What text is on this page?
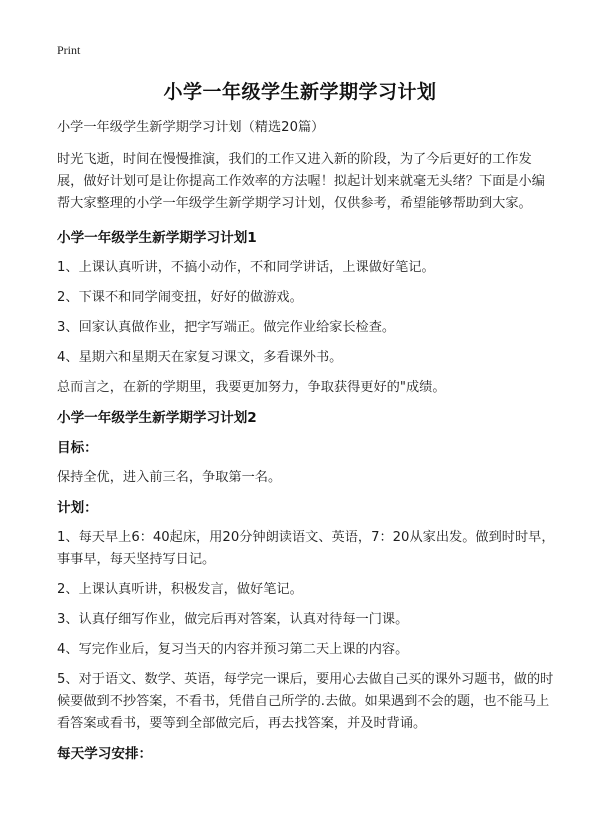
Print
小学一年级学生新学期学习计划

小学一年级学生新学期学习计划（精选20篇）

时光飞逝，时间在慢慢推演，我们的工作又进入新的阶段，为了今后更好的工作发展，做好计划可是让你提高工作效率的方法喔！拟起计划来就毫无头绪？下面是小编帮大家整理的小学一年级学生新学期学习计划，仅供参考，希望能够帮助到大家。

小学一年级学生新学期学习计划1

1、上课认真听讲，不搞小动作，不和同学讲话，上课做好笔记。

2、下课不和同学闹变扭，好好的做游戏。

3、回家认真做作业，把字写端正。做完作业给家长检查。

4、星期六和星期天在家复习课文，多看课外书。

总而言之，在新的学期里，我要更加努力，争取获得更好的"成绩。

小学一年级学生新学期学习计划2

目标：

保持全优，进入前三名，争取第一名。

计划：

1、每天早上6：40起床，用20分钟朗读语文、英语，7：20从家出发。做到时时早，事事早，每天坚持写日记。

2、上课认真听讲，积极发言，做好笔记。

3、认真仔细写作业，做完后再对答案，认真对待每一门课。

4、写完作业后，复习当天的内容并预习第二天上课的内容。

5、对于语文、数学、英语，每学完一课后，要用心去做自己买的课外习题书，做的时候要做到不抄答案，不看书，凭借自己所学的.去做。如果遇到不会的题，也不能马上看答案或看书，要等到全部做完后，再去找答案，并及时背诵。

每天学习安排：
